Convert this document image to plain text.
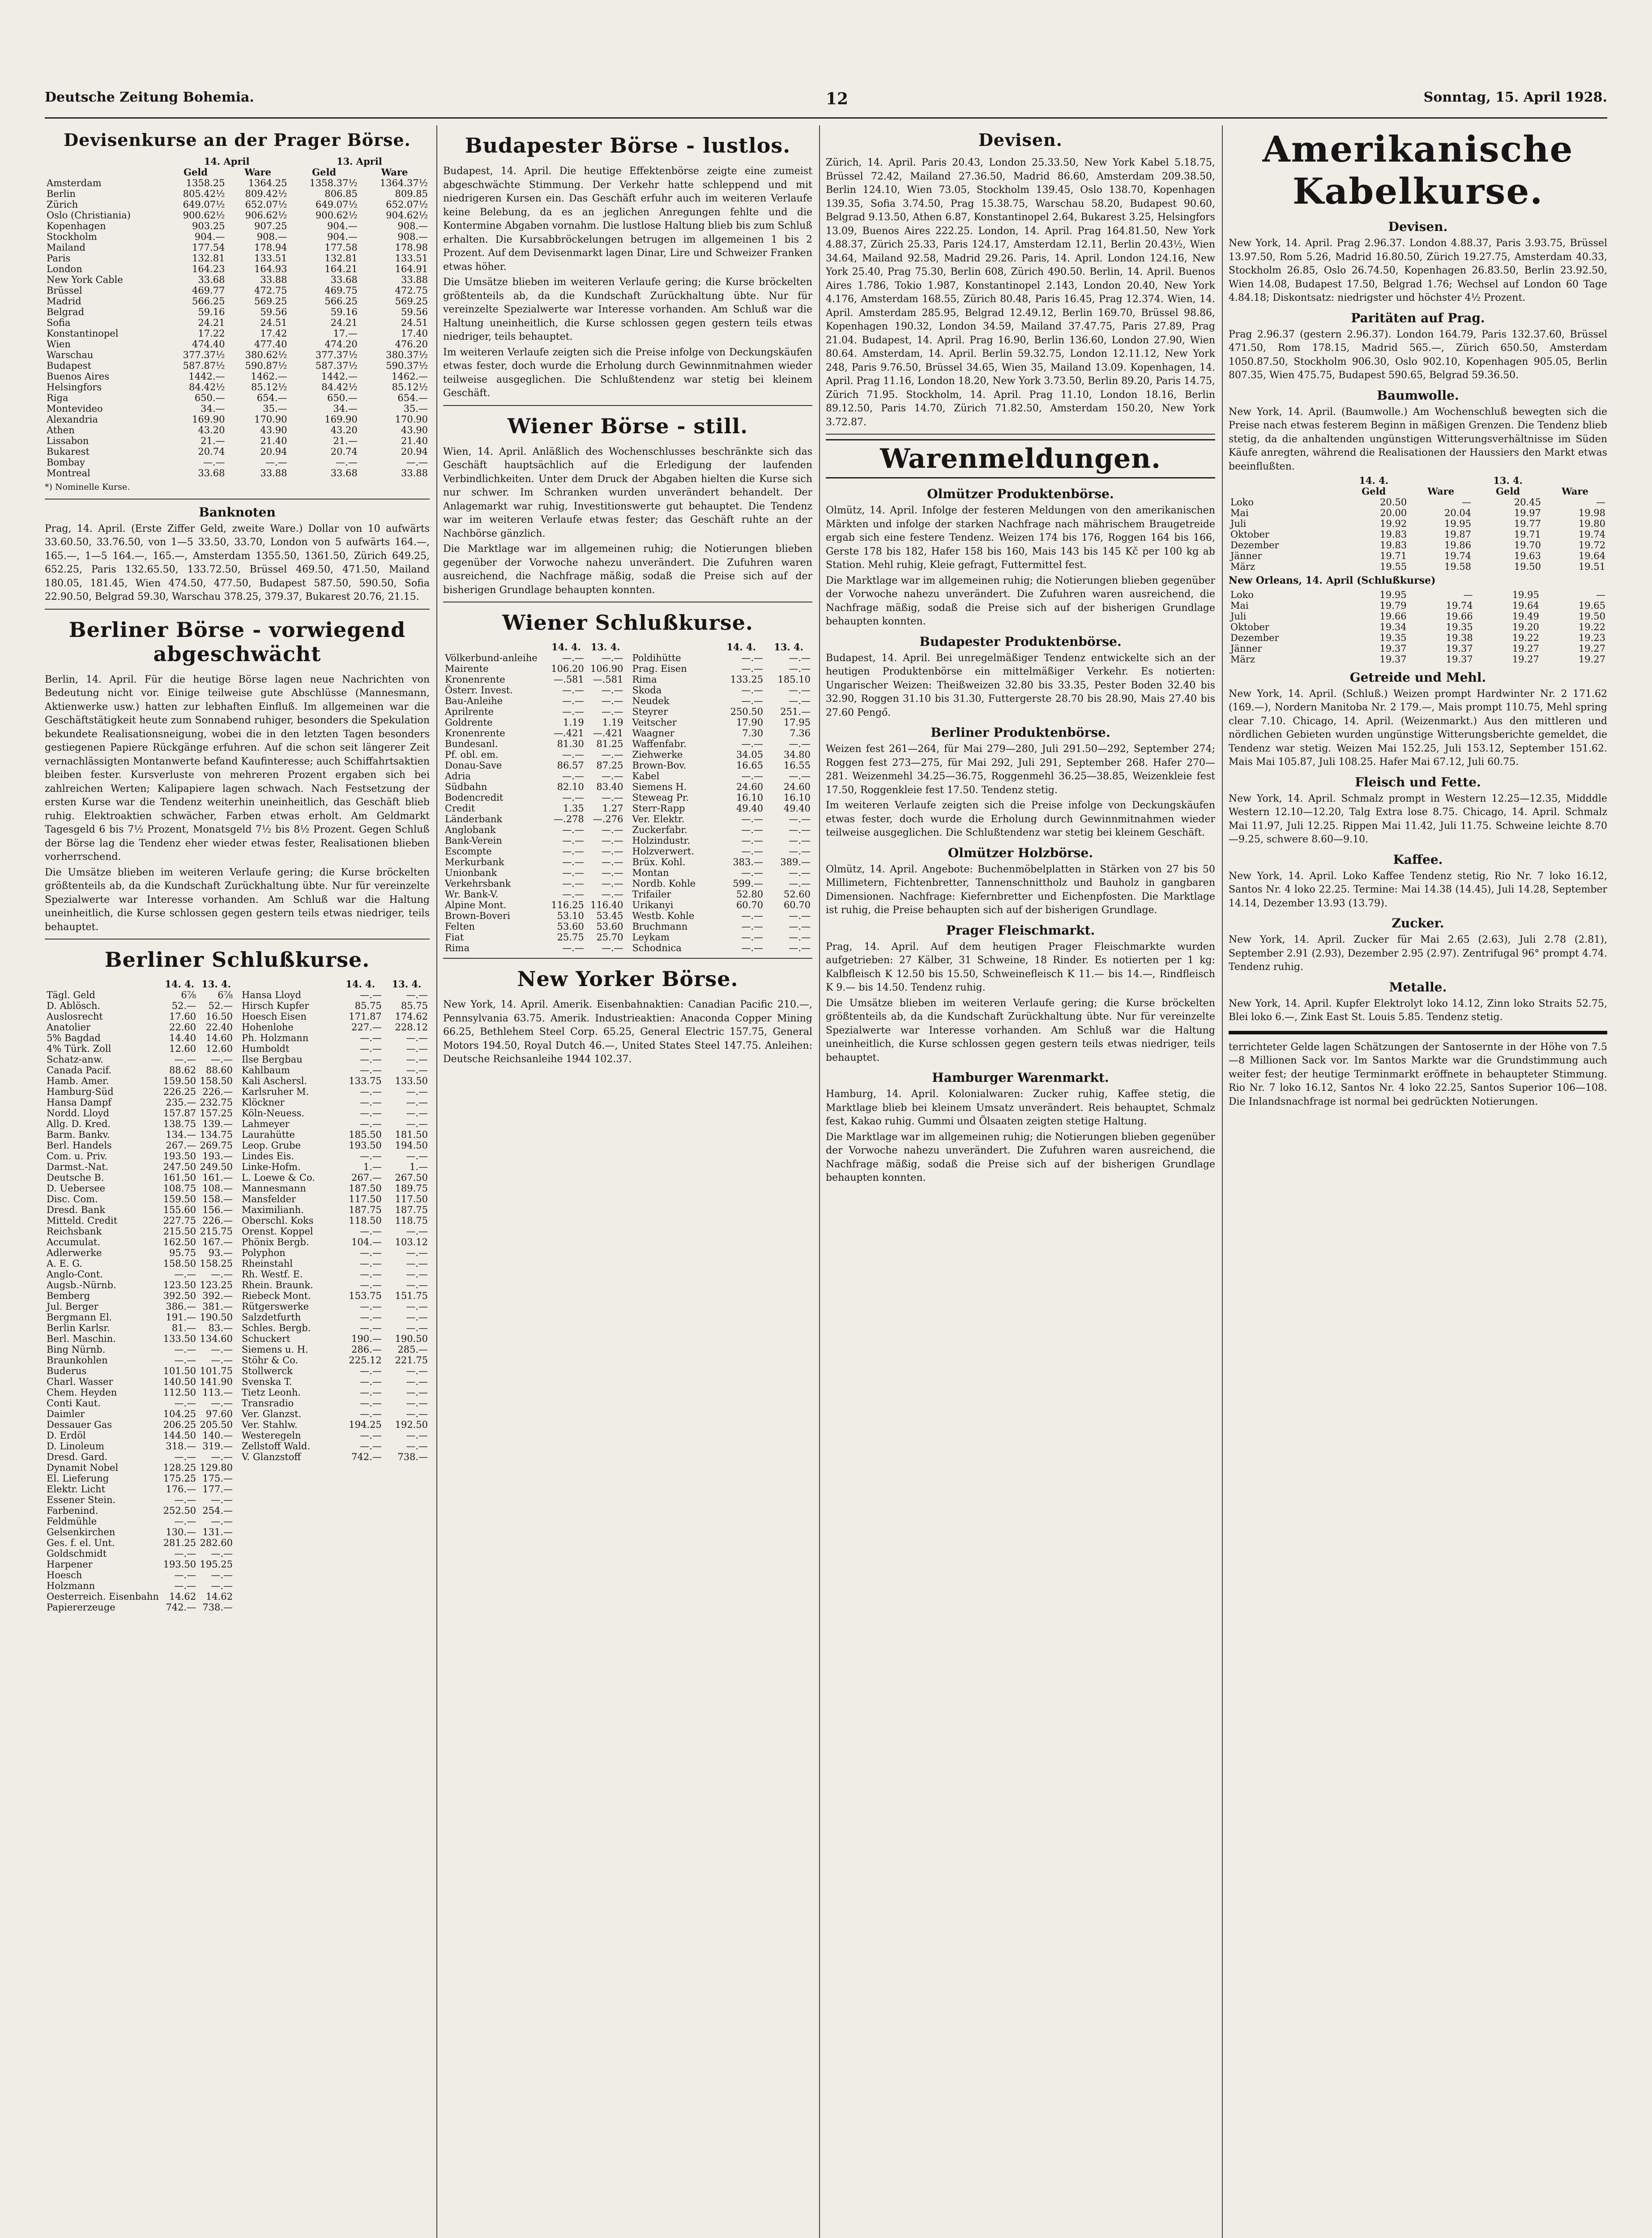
Deutsche Zeitung Bohemia.	12	Sonntag, 15. April 1928.
Devisenkurse an der Prager Börse.
	14. April		13. April	
	Geld	Ware	Geld	Ware
Amsterdam	1358.25	1364.25	1358.37½	1364.37½
Berlin	805.42½	809.42½	806.85	809.85
Zürich	649.07½	652.07½	649.07½	652.07½
Oslo (Christiania)	900.62½	906.62½	900.62½	904.62½
Kopenhagen	903.25	907.25	904.—	908.—
Stockholm	904.—	908.—	904.—	908.—
Mailand	177.54	178.94	177.58	178.98
Paris	132.81	133.51	132.81	133.51
London	164.23	164.93	164.21	164.91
New York Cable	33.68	33.88	33.68	33.88
Brüssel	469.77	472.75	469.75	472.75
Madrid	566.25	569.25	566.25	569.25
Belgrad	59.16	59.56	59.16	59.56
Sofia	24.21	24.51	24.21	24.51
Konstantinopel	17.22	17.42	17.—	17.40
Wien	474.40	477.40	474.20	476.20
Warschau	377.37½	380.62½	377.37½	380.37½
Budapest	587.87½	590.87½	587.37½	590.37½
Buenos Aires	1442.—	1462.—	1442.—	1462.—
Helsingfors	84.42½	85.12½	84.42½	85.12½
Riga	650.—	654.—	650.—	654.—
Montevideo	34.—	35.—	34.—	35.—
Alexandria	169.90	170.90	169.90	170.90
Athen	43.20	43.90	43.20	43.90
Lissabon	21.—	21.40	21.—	21.40
Bukarest	20.74	20.94	20.74	20.94
Bombay	—.—	—.—	—.—	—.—
Montreal	33.68	33.88	33.68	33.88
*) Nominelle Kurse.
Banknoten
Prag, 14. April. (Erste Ziffer Geld, zweite Ware.) Dollar von 10 aufwärts 33.60.50, 33.76.50, von 1—5 33.50, 33.70, London von 5 aufwärts 164.—, 165.—, 1—5 164.—, 165.—, Amsterdam 1355.50, 1361.50, Zürich 649.25, 652.25, Paris 132.65.50, 133.72.50, Brüssel 469.50, 471.50, Mailand 180.05, 181.45, Wien 474.50, 477.50, Budapest 587.50, 590.50, Sofia 22.90.50, Belgrad 59.30, Warschau 378.25, 379.37, Bukarest 20.76, 21.15.
Berliner Börse - vorwiegend abgeschwächt
Berlin, 14. April. Für die heutige Börse lagen neue Nachrichten von Bedeutung nicht vor. Einige teilweise gute Abschlüsse (Mannesmann, Aktienwerke usw.) hatten zur lebhaften Einfluß. Im allgemeinen war die Geschäftstätigkeit heute zum Sonnabend ruhiger, besonders die Spekulation bekundete Realisationsneigung, wobei die in den letzten Tagen besonders gestiegenen Papiere Rückgänge erfuhren. Auf die schon seit längerer Zeit vernachlässigten Montanwerte befand Kaufinteresse; auch Schiffahrtsaktien bleiben fester. Kursverluste von mehreren Prozent ergaben sich bei zahlreichen Werten; Kalipapiere lagen schwach. Nach Festsetzung der ersten Kurse war die Tendenz weiterhin uneinheitlich, das Geschäft blieb ruhig. Elektroaktien schwächer, Farben etwas erholt. Am Geldmarkt Tagesgeld 6 bis 7½ Prozent, Monatsgeld 7½ bis 8½ Prozent. Gegen Schluß der Börse lag die Tendenz eher wieder etwas fester, Realisationen blieben vorherrschend.
Die Umsätze blieben im weiteren Verlaufe gering; die Kurse bröckelten größtenteils ab, da die Kundschaft Zurückhaltung übte. Nur für vereinzelte Spezialwerte war Interesse vorhanden. Am Schluß war die Haltung uneinheitlich, die Kurse schlossen gegen gestern teils etwas niedriger, teils behauptet.
Berliner Schlußkurse.
	14. 4.	13. 4.
Tägl. Geld	6⅞	6⅞
D. Ablösch.	52.—	52.—
Auslosrecht	17.60	16.50
Anatolier	22.60	22.40
5% Bagdad	14.40	14.60
4% Türk. Zoll	12.60	12.60
Schatz-anw.	—.—	—.—
Canada Pacif.	88.62	88.60
Hamb. Amer.	159.50	158.50
Hamburg-Süd	226.25	226.—
Hansa Dampf	235.—	232.75
Nordd. Lloyd	157.87	157.25
Allg. D. Kred.	138.75	139.—
Barm. Bankv.	134.—	134.75
Berl. Handels	267.—	269.75
Com. u. Priv.	193.50	193.—
Darmst.-Nat.	247.50	249.50
Deutsche B.	161.50	161.—
D. Uebersee	108.75	108.—
Disc. Com.	159.50	158.—
Dresd. Bank	155.60	156.—
Mitteld. Credit	227.75	226.—
Reichsbank	215.50	215.75
Accumulat.	162.50	167.—
Adlerwerke	95.75	93.—
A. E. G.	158.50	158.25
Anglo-Cont.	—.—	—.—
Augsb.-Nürnb.	123.50	123.25
Bemberg	392.50	392.—
Jul. Berger	386.—	381.—
Bergmann El.	191.—	190.50
Berlin Karlsr.	81.—	83.—
Berl. Maschin.	133.50	134.60
Bing Nürnb.	—.—	—.—
Braunkohlen	—.—	—.—
Buderus	101.50	101.75
Charl. Wasser	140.50	141.90
Chem. Heyden	112.50	113.—
Conti Kaut.	—.—	—.—
Daimler	104.25	97.60
Dessauer Gas	206.25	205.50
D. Erdöl	144.50	140.—
D. Linoleum	318.—	319.—
Dresd. Gard.	—.—	—.—
Dynamit Nobel	128.25	129.80
El. Lieferung	175.25	175.—
Elektr. Licht	176.—	177.—
Essener Stein.	—.—	—.—
Farbenind.	252.50	254.—
Feldmühle	—.—	—.—
Gelsenkirchen	130.—	131.—
Ges. f. el. Unt.	281.25	282.60
Goldschmidt	—.—	—.—
Harpener	193.50	195.25
Hoesch	—.—	—.—
Holzmann	—.—	—.—
Oesterreich. Eisenbahn	14.62	14.62
Papiererzeuge	742.—	738.—
	14. 4.	13. 4.
Hansa Lloyd	—.—	—.—
Hirsch Kupfer	85.75	85.75
Hoesch Eisen	171.87	174.62
Hohenlohe	227.—	228.12
Ph. Holzmann	—.—	—.—
Humboldt	—.—	—.—
Ilse Bergbau	—.—	—.—
Kahlbaum	—.—	—.—
Kali Aschersl.	133.75	133.50
Karlsruher M.	—.—	—.—
Klöckner	—.—	—.—
Köln-Neuess.	—.—	—.—
Lahmeyer	—.—	—.—
Laurahütte	185.50	181.50
Leop. Grube	193.50	194.50
Lindes Eis.	—.—	—.—
Linke-Hofm.	1.—	1.—
L. Loewe & Co.	267.—	267.50
Mannesmann	187.50	189.75
Mansfelder	117.50	117.50
Maximilianh.	187.75	187.75
Oberschl. Koks	118.50	118.75
Orenst. Koppel	—.—	—.—
Phönix Bergb.	104.—	103.12
Polyphon	—.—	—.—
Rheinstahl	—.—	—.—
Rh. Westf. E.	—.—	—.—
Rhein. Braunk.	—.—	—.—
Riebeck Mont.	153.75	151.75
Rütgerswerke	—.—	—.—
Salzdetfurth	—.—	—.—
Schles. Bergb.	—.—	—.—
Schuckert	190.—	190.50
Siemens u. H.	286.—	285.—
Stöhr & Co.	225.12	221.75
Stollwerck	—.—	—.—
Svenska T.	—.—	—.—
Tietz Leonh.	—.—	—.—
Transradio	—.—	—.—
Ver. Glanzst.	—.—	—.—
Ver. Stahlw.	194.25	192.50
Westeregeln	—.—	—.—
Zellstoff Wald.	—.—	—.—
V. Glanzstoff	742.—	738.—
Budapester Börse - lustlos.
Budapest, 14. April. Die heutige Effektenbörse zeigte eine zumeist abgeschwächte Stimmung. Der Verkehr hatte schleppend und mit niedrigeren Kursen ein. Das Geschäft erfuhr auch im weiteren Verlaufe keine Belebung, da es an jeglichen Anregungen fehlte und die Kontermine Abgaben vornahm. Die lustlose Haltung blieb bis zum Schluß erhalten. Die Kursabbröckelungen betrugen im allgemeinen 1 bis 2 Prozent. Auf dem Devisenmarkt lagen Dinar, Lire und Schweizer Franken etwas höher.
Die Umsätze blieben im weiteren Verlaufe gering; die Kurse bröckelten größtenteils ab, da die Kundschaft Zurückhaltung übte. Nur für vereinzelte Spezialwerte war Interesse vorhanden. Am Schluß war die Haltung uneinheitlich, die Kurse schlossen gegen gestern teils etwas niedriger, teils behauptet.
Im weiteren Verlaufe zeigten sich die Preise infolge von Deckungskäufen etwas fester, doch wurde die Erholung durch Gewinnmitnahmen wieder teilweise ausgeglichen. Die Schlußtendenz war stetig bei kleinem Geschäft.
Wiener Börse - still.
Wien, 14. April. Anläßlich des Wochenschlusses beschränkte sich das Geschäft hauptsächlich auf die Erledigung der laufenden Verbindlichkeiten. Unter dem Druck der Abgaben hielten die Kurse sich nur schwer. Im Schranken wurden unverändert behandelt. Der Anlagemarkt war ruhig, Investitionswerte gut behauptet. Die Tendenz war im weiteren Verlaufe etwas fester; das Geschäft ruhte an der Nachbörse gänzlich.
Die Marktlage war im allgemeinen ruhig; die Notierungen blieben gegenüber der Vorwoche nahezu unverändert. Die Zufuhren waren ausreichend, die Nachfrage mäßig, sodaß die Preise sich auf der bisherigen Grundlage behaupten konnten.
Wiener Schlußkurse.
	14. 4.	13. 4.
Völkerbund-anleihe	—.—	—.—
Mairente	106.20	106.90
Kronenrente	—.581	—.581
Österr. Invest.	—.—	—.—
Bau-Anleihe	—.—	—.—
Aprilrente	—.—	—.—
Goldrente	1.19	1.19
Kronenrente	—.421	—.421
Bundesanl.	81.30	81.25
Pf. obl. em.	—.—	—.—
Donau-Save	86.57	87.25
Adria	—.—	—.—
Südbahn	82.10	83.40
Bodencredit	—.—	—.—
Credit	1.35	1.27
Länderbank	—.278	—.276
Anglobank	—.—	—.—
Bank-Verein	—.—	—.—
Escompte	—.—	—.—
Merkurbank	—.—	—.—
Unionbank	—.—	—.—
Verkehrsbank	—.—	—.—
Wr. Bank-V.	—.—	—.—
Alpine Mont.	116.25	116.40
Brown-Boveri	53.10	53.45
Felten	53.60	53.60
Fiat	25.75	25.70
Rima	—.—	—.—
	14. 4.	13. 4.
Poldihütte	—.—	—.—
Prag. Eisen	—.—	—.—
Rima	133.25	185.10
Skoda	—.—	—.—
Neudek	—.—	—.—
Steyrer	250.50	251.—
Veitscher	17.90	17.95
Waagner	7.30	7.36
Waffenfabr.	—.—	—.—
Ziehwerke	34.05	34.80
Brown-Bov.	16.65	16.55
Kabel	—.—	—.—
Siemens H.	24.60	24.60
Steweag Pr.	16.10	16.10
Sterr-Rapp	49.40	49.40
Ver. Elektr.	—.—	—.—
Zuckerfabr.	—.—	—.—
Holzindustr.	—.—	—.—
Holzverwert.	—.—	—.—
Brüx. Kohl.	383.—	389.—
Montan	—.—	—.—
Nordb. Kohle	599.—	—.—
Trifailer	52.80	52.60
Urikanyi	60.70	60.70
Westb. Kohle	—.—	—.—
Bruchmann	—.—	—.—
Leykam	—.—	—.—
Schodnica	—.—	—.—
New Yorker Börse.
New York, 14. April. Amerik. Eisenbahnaktien: Canadian Pacific 210.—, Pennsylvania 63.75. Amerik. Industrieaktien: Anaconda Copper Mining 66.25, Bethlehem Steel Corp. 65.25, General Electric 157.75, General Motors 194.50, Royal Dutch 46.—, United States Steel 147.75. Anleihen: Deutsche Reichsanleihe 1944 102.37.
Devisen.
Zürich, 14. April. Paris 20.43, London 25.33.50, New York Kabel 5.18.75, Brüssel 72.42, Mailand 27.36.50, Madrid 86.60, Amsterdam 209.38.50, Berlin 124.10, Wien 73.05, Stockholm 139.45, Oslo 138.70, Kopenhagen 139.35, Sofia 3.74.50, Prag 15.38.75, Warschau 58.20, Budapest 90.60, Belgrad 9.13.50, Athen 6.87, Konstantinopel 2.64, Bukarest 3.25, Helsingfors 13.09, Buenos Aires 222.25. London, 14. April. Prag 164.81.50, New York 4.88.37, Zürich 25.33, Paris 124.17, Amsterdam 12.11, Berlin 20.43½, Wien 34.64, Mailand 92.58, Madrid 29.26. Paris, 14. April. London 124.16, New York 25.40, Prag 75.30, Berlin 608, Zürich 490.50. Berlin, 14. April. Buenos Aires 1.786, Tokio 1.987, Konstantinopel 2.143, London 20.40, New York 4.176, Amsterdam 168.55, Zürich 80.48, Paris 16.45, Prag 12.374. Wien, 14. April. Amsterdam 285.95, Belgrad 12.49.12, Berlin 169.70, Brüssel 98.86, Kopenhagen 190.32, London 34.59, Mailand 37.47.75, Paris 27.89, Prag 21.04. Budapest, 14. April. Prag 16.90, Berlin 136.60, London 27.90, Wien 80.64. Amsterdam, 14. April. Berlin 59.32.75, London 12.11.12, New York 248, Paris 9.76.50, Brüssel 34.65, Wien 35, Mailand 13.09. Kopenhagen, 14. April. Prag 11.16, London 18.20, New York 3.73.50, Berlin 89.20, Paris 14.75, Zürich 71.95. Stockholm, 14. April. Prag 11.10, London 18.16, Berlin 89.12.50, Paris 14.70, Zürich 71.82.50, Amsterdam 150.20, New York 3.72.87.
Warenmeldungen.
Olmützer Produktenbörse.
Olmütz, 14. April. Infolge der festeren Meldungen von den amerikanischen Märkten und infolge der starken Nachfrage nach mährischem Braugetreide ergab sich eine festere Tendenz. Weizen 174 bis 176, Roggen 164 bis 166, Gerste 178 bis 182, Hafer 158 bis 160, Mais 143 bis 145 Kč per 100 kg ab Station. Mehl ruhig, Kleie gefragt, Futtermittel fest.
Die Marktlage war im allgemeinen ruhig; die Notierungen blieben gegenüber der Vorwoche nahezu unverändert. Die Zufuhren waren ausreichend, die Nachfrage mäßig, sodaß die Preise sich auf der bisherigen Grundlage behaupten konnten.
Budapester Produktenbörse.
Budapest, 14. April. Bei unregelmäßiger Tendenz entwickelte sich an der heutigen Produktenbörse ein mittelmäßiger Verkehr. Es notierten: Ungarischer Weizen: Theißweizen 32.80 bis 33.35, Pester Boden 32.40 bis 32.90, Roggen 31.10 bis 31.30, Futtergerste 28.70 bis 28.90, Mais 27.40 bis 27.60 Pengő.
Berliner Produktenbörse.
Weizen fest 261—264, für Mai 279—280, Juli 291.50—292, September 274; Roggen fest 273—275, für Mai 292, Juli 291, September 268. Hafer 270—281. Weizenmehl 34.25—36.75, Roggenmehl 36.25—38.85, Weizenkleie fest 17.50, Roggenkleie fest 17.50. Tendenz stetig.
Im weiteren Verlaufe zeigten sich die Preise infolge von Deckungskäufen etwas fester, doch wurde die Erholung durch Gewinnmitnahmen wieder teilweise ausgeglichen. Die Schlußtendenz war stetig bei kleinem Geschäft.
Olmützer Holzbörse.
Olmütz, 14. April. Angebote: Buchenmöbelplatten in Stärken von 27 bis 50 Millimetern, Fichtenbretter, Tannenschnittholz und Bauholz in gangbaren Dimensionen. Nachfrage: Kiefernbretter und Eichenpfosten. Die Marktlage ist ruhig, die Preise behaupten sich auf der bisherigen Grundlage.
Prager Fleischmarkt.
Prag, 14. April. Auf dem heutigen Prager Fleischmarkte wurden aufgetrieben: 27 Kälber, 31 Schweine, 18 Rinder. Es notierten per 1 kg: Kalbfleisch K 12.50 bis 15.50, Schweinefleisch K 11.— bis 14.—, Rindfleisch K 9.— bis 14.50. Tendenz ruhig.
Die Umsätze blieben im weiteren Verlaufe gering; die Kurse bröckelten größtenteils ab, da die Kundschaft Zurückhaltung übte. Nur für vereinzelte Spezialwerte war Interesse vorhanden. Am Schluß war die Haltung uneinheitlich, die Kurse schlossen gegen gestern teils etwas niedriger, teils behauptet.
Hamburger Warenmarkt.
Hamburg, 14. April. Kolonialwaren: Zucker ruhig, Kaffee stetig, die Marktlage blieb bei kleinem Umsatz unverändert. Reis behauptet, Schmalz fest, Kakao ruhig. Gummi und Ölsaaten zeigten stetige Haltung.
Die Marktlage war im allgemeinen ruhig; die Notierungen blieben gegenüber der Vorwoche nahezu unverändert. Die Zufuhren waren ausreichend, die Nachfrage mäßig, sodaß die Preise sich auf der bisherigen Grundlage behaupten konnten.
Amerikanische Kabelkurse.
Devisen.
New York, 14. April. Prag 2.96.37. London 4.88.37, Paris 3.93.75, Brüssel 13.97.50, Rom 5.26, Madrid 16.80.50, Zürich 19.27.75, Amsterdam 40.33, Stockholm 26.85, Oslo 26.74.50, Kopenhagen 26.83.50, Berlin 23.92.50, Wien 14.08, Budapest 17.50, Belgrad 1.76; Wechsel auf London 60 Tage 4.84.18; Diskontsatz: niedrigster und höchster 4½ Prozent.
Paritäten auf Prag.
Prag 2.96.37 (gestern 2.96.37). London 164.79, Paris 132.37.60, Brüssel 471.50, Rom 178.15, Madrid 565.—, Zürich 650.50, Amsterdam 1050.87.50, Stockholm 906.30, Oslo 902.10, Kopenhagen 905.05, Berlin 807.35, Wien 475.75, Budapest 590.65, Belgrad 59.36.50.
Baumwolle.
New York, 14. April. (Baumwolle.) Am Wochenschluß bewegten sich die Preise nach etwas festerem Beginn in mäßigen Grenzen. Die Tendenz blieb stetig, da die anhaltenden ungünstigen Witterungsverhältnisse im Süden Käufe anregten, während die Realisationen der Haussiers den Markt etwas beeinflußten.
	14. 4.		13. 4.	
	Geld	Ware	Geld	Ware
Loko	20.50	—	20.45	—
Mai	20.00	20.04	19.97	19.98
Juli	19.92	19.95	19.77	19.80
Oktober	19.83	19.87	19.71	19.74
Dezember	19.83	19.86	19.70	19.72
Jänner	19.71	19.74	19.63	19.64
März	19.55	19.58	19.50	19.51
New Orleans, 14. April (Schlußkurse)
Loko	19.95	—	19.95	—
Mai	19.79	19.74	19.64	19.65
Juli	19.66	19.66	19.49	19.50
Oktober	19.34	19.35	19.20	19.22
Dezember	19.35	19.38	19.22	19.23
Jänner	19.37	19.37	19.27	19.27
März	19.37	19.37	19.27	19.27
Getreide und Mehl.
New York, 14. April. (Schluß.) Weizen prompt Hardwinter Nr. 2 171.62 (169.—), Nordern Manitoba Nr. 2 179.—, Mais prompt 110.75, Mehl spring clear 7.10. Chicago, 14. April. (Weizenmarkt.) Aus den mittleren und nördlichen Gebieten wurden ungünstige Witterungsberichte gemeldet, die Tendenz war stetig. Weizen Mai 152.25, Juli 153.12, September 151.62. Mais Mai 105.87, Juli 108.25. Hafer Mai 67.12, Juli 60.75.
Fleisch und Fette.
New York, 14. April. Schmalz prompt in Western 12.25—12.35, Midddle Western 12.10—12.20, Talg Extra lose 8.75. Chicago, 14. April. Schmalz Mai 11.97, Juli 12.25. Rippen Mai 11.42, Juli 11.75. Schweine leichte 8.70—9.25, schwere 8.60—9.10.
Kaffee.
New York, 14. April. Loko Kaffee Tendenz stetig, Rio Nr. 7 loko 16.12, Santos Nr. 4 loko 22.25. Termine: Mai 14.38 (14.45), Juli 14.28, September 14.14, Dezember 13.93 (13.79).
Zucker.
New York, 14. April. Zucker für Mai 2.65 (2.63), Juli 2.78 (2.81), September 2.91 (2.93), Dezember 2.95 (2.97). Zentrifugal 96° prompt 4.74. Tendenz ruhig.
Metalle.
New York, 14. April. Kupfer Elektrolyt loko 14.12, Zinn loko Straits 52.75, Blei loko 6.—, Zink East St. Louis 5.85. Tendenz stetig.
terrichteter Gelde lagen Schätzungen der Santosernte in der Höhe von 7.5—8 Millionen Sack vor. Im Santos Markte war die Grundstimmung auch weiter fest; der heutige Terminmarkt eröffnete in behaupteter Stimmung. Rio Nr. 7 loko 16.12, Santos Nr. 4 loko 22.25, Santos Superior 106—108. Die Inlandsnachfrage ist normal bei gedrückten Notierungen.
